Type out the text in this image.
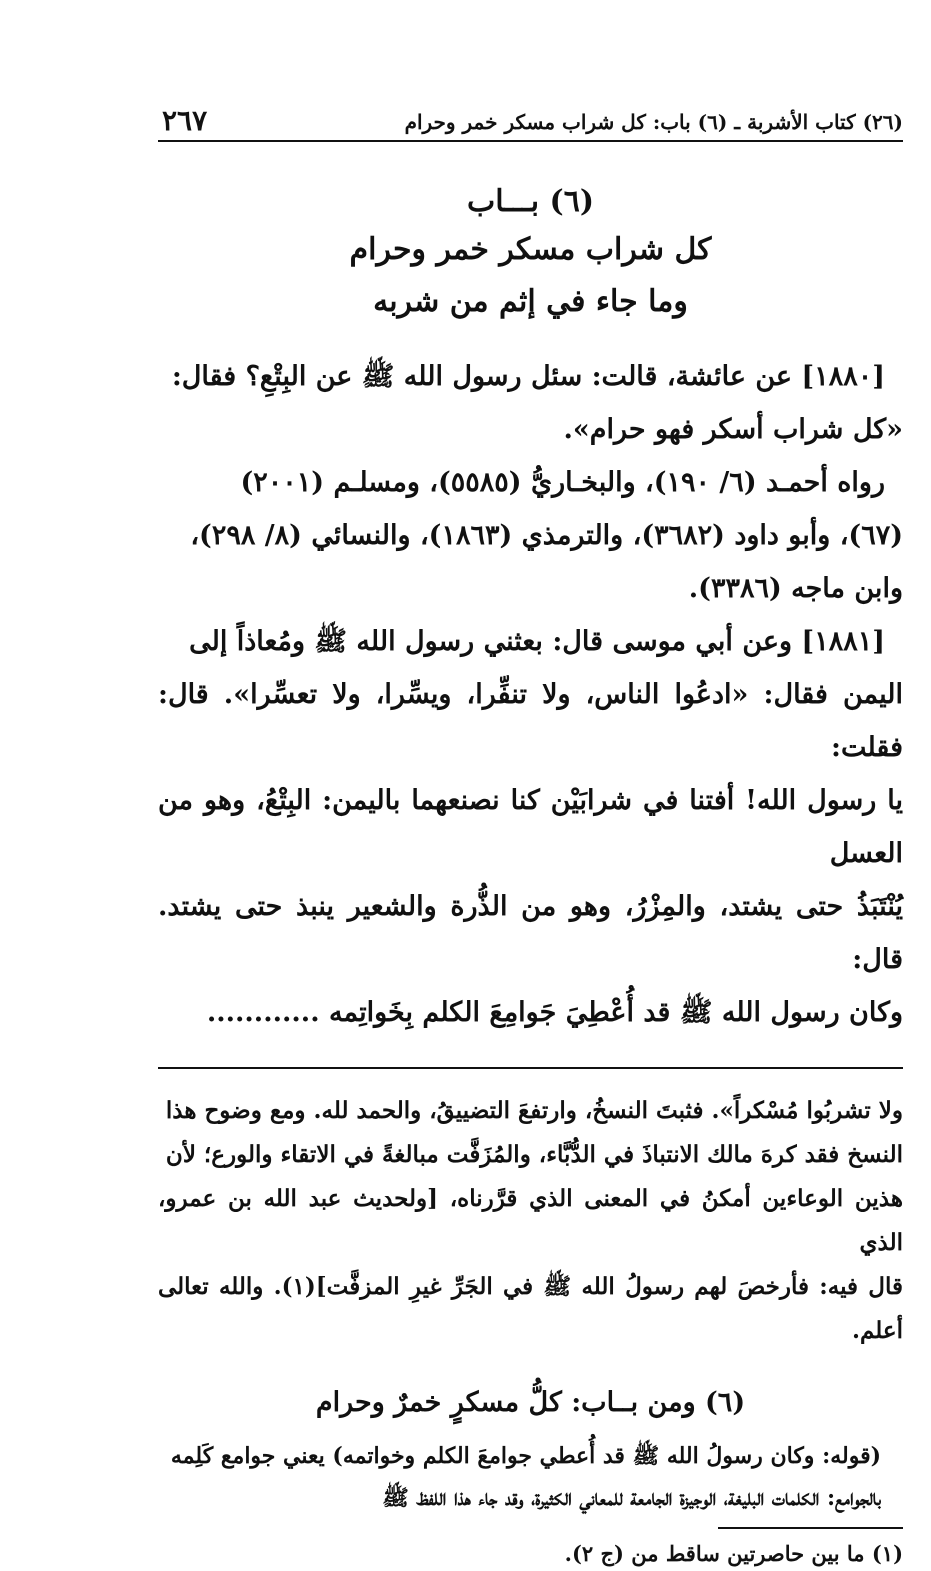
(٢٦) كتاب الأشربة ـ (٦) باب: كل شراب مسكر خمر وحرام
٢٦٧
(٦) بـــاب
كل شراب مسكر خمر وحرام
وما جاء في إثم من شربه

[١٨٨٠] عن عائشة، قالت: سئل رسول الله ﷺ عن البِتْعِ؟ فقال:
«كل شراب أسكر فهو حرام».

رواه أحمـد (٦/ ١٩٠)، والبخـاريُّ (٥٥٨٥)، ومسلـم (٢٠٠١)
(٦٧)، وأبو داود (٣٦٨٢)، والترمذي (١٨٦٣)، والنسائي (٨/ ٢٩٨)،
وابن ماجه (٣٣٨٦).

[١٨٨١] وعن أبي موسى قال: بعثني رسول الله ﷺ ومُعاذاً إلى
اليمن فقال: «ادعُوا الناس، ولا تنفِّرا، ويسِّرا، ولا تعسِّرا». قال: فقلت:
يا رسول الله! أفتنا في شرابَيْن كنا نصنعهما باليمن: البِتْعُ، وهو من العسل
يُنْتَبَذُ حتى يشتد، والمِزْرُ، وهو من الذُّرة والشعير ينبذ حتى يشتد. قال:
وكان رسول الله ﷺ قد أُعْطِيَ جَوامِعَ الكلم بِخَواتِمه ............

ولا تشربُوا مُسْكراً». فثبتَ النسخُ، وارتفعَ التضييقُ، والحمد لله. ومع وضوح هذا
النسخ فقد كرهَ مالك الانتباذَ في الدُّبَّاء، والمُزَفَّت مبالغةً في الاتقاء والورع؛ لأن
هذين الوعاءين أمكنُ في المعنى الذي قرَّرناه، [ولحديث عبد الله بن عمرو، الذي
قال فيه: فأرخصَ لهم رسولُ الله ﷺ في الجَرِّ غيرِ المزفَّت](١). والله تعالى أعلم.

(٦) ومن بــاب: كلُّ مسكرٍ خمرٌ وحرام

(قوله: وكان رسولُ الله ﷺ قد أُعطي جوامعَ الكلم وخواتمه) يعني جوامع كَلِمه
بالجوامع: الكلمات البليغة، الوجيزة الجامعة للمعاني الكثيرة، وقد جاء هذا اللفظ ﷺ

(١) ما بين حاصرتين ساقط من (ج ٢).
